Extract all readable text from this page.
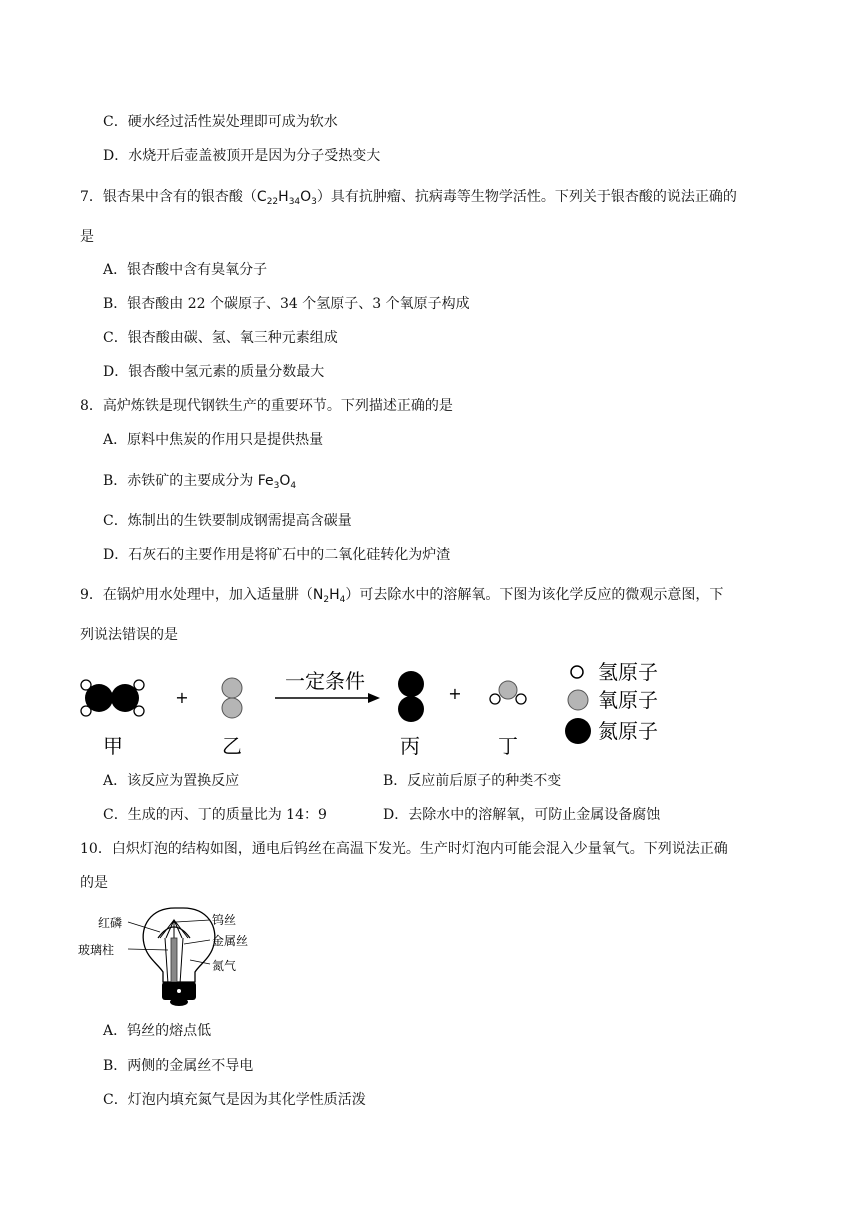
C．硬水经过活性炭处理即可成为软水
D．水烧开后壶盖被顶开是因为分子受热变大
7．银杏果中含有的银杏酸$(C_{22}H_{34}O_3)$具有抗肿瘤、抗病毒等生物学活性。下列关于银杏酸的说法正确的
是
A．银杏酸中含有臭氧分子
B．银杏酸由 22 个碳原子、34 个氢原子、3 个氧原子构成
C．银杏酸由碳、氢、氧三种元素组成
D．银杏酸中氢元素的质量分数最大
8．高炉炼铁是现代钢铁生产的重要环节。下列描述正确的是
A．原料中焦炭的作用只是提供热量
B．赤铁矿的主要成分为 $Fe_3O_4$
C．炼制出的生铁要制成钢需提高含碳量
D．石灰石的主要作用是将矿石中的二氧化硅转化为炉渣
9．在锅炉用水处理中，加入适量肼$(N_2H_4)$可去除水中的溶解氧。下图为该化学反应的微观示意图，下
列说法错误的是
+
一定条件
+
甲	乙	丙	丁
氢原子
氧原子
氮原子
A．该反应为置换反应	B．反应前后原子的种类不变
C．生成的丙、丁的质量比为 14：9	D．去除水中的溶解氧，可防止金属设备腐蚀
10．白炽灯泡的结构如图，通电后钨丝在高温下发光。生产时灯泡内可能会混入少量氧气。下列说法正确
的是
红磷
玻璃柱
钨丝
金属丝
氮气
A．钨丝的熔点低
B．两侧的金属丝不导电
C．灯泡内填充氮气是因为其化学性质活泼
